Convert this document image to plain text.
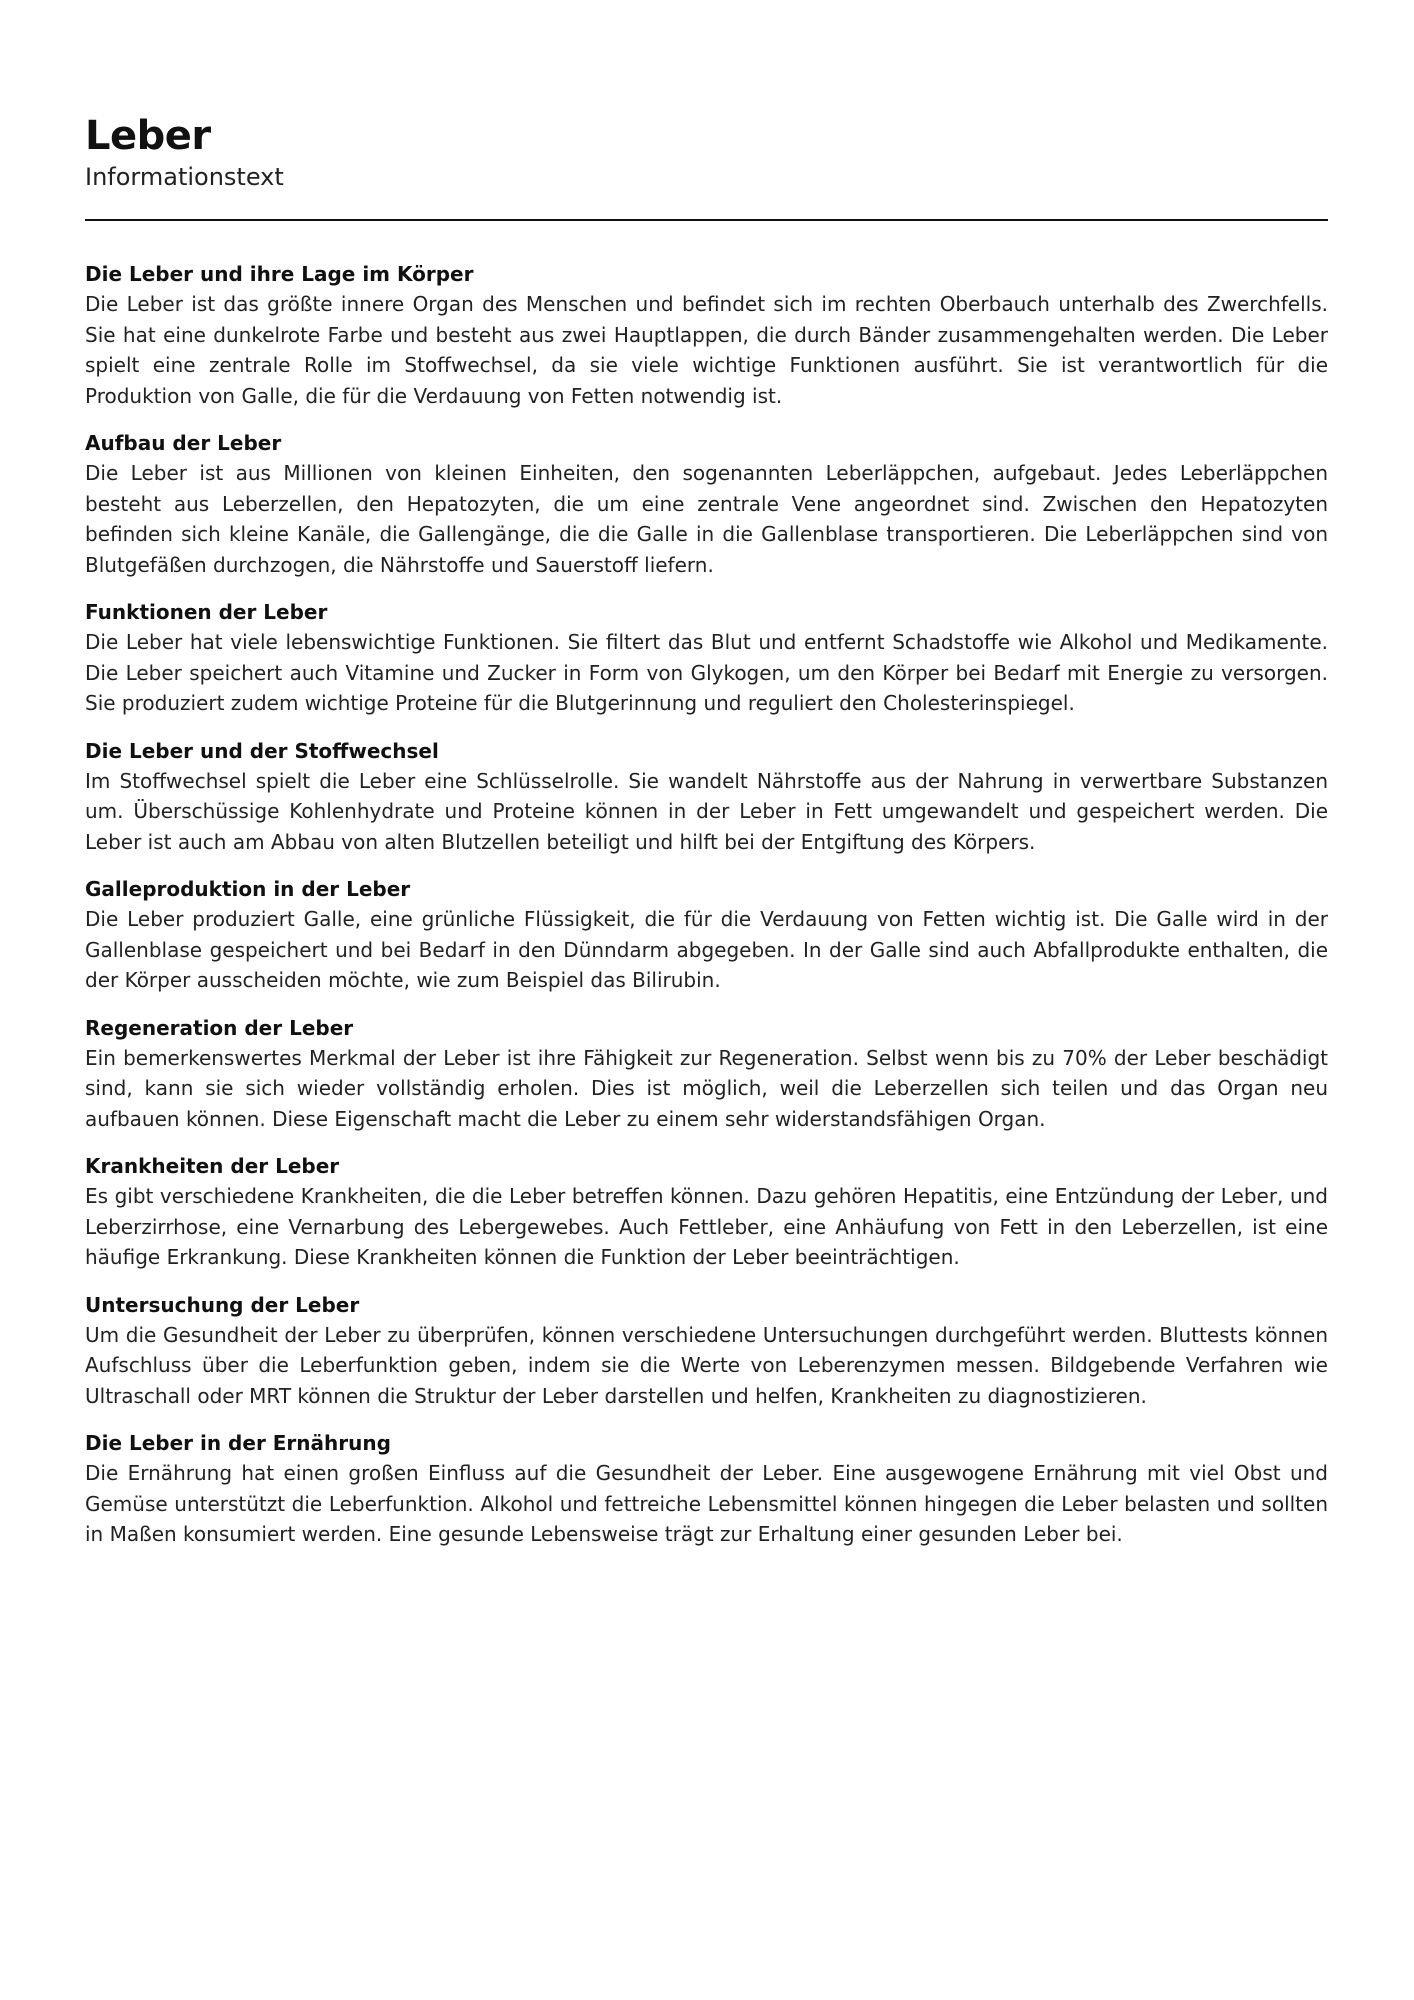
Leber

Informationstext

Die Leber und ihre Lage im Körper

Die Leber ist das größte innere Organ des Menschen und befindet sich im rechten Oberbauch unterhalb des Zwerchfells. Sie hat eine dunkelrote Farbe und besteht aus zwei Hauptlappen, die durch Bänder zusammengehalten werden. Die Leber spielt eine zentrale Rolle im Stoffwechsel, da sie viele wichtige Funktionen ausführt. Sie ist verantwortlich für die Produktion von Galle, die für die Verdauung von Fetten notwendig ist.

Aufbau der Leber

Die Leber ist aus Millionen von kleinen Einheiten, den sogenannten Leberläppchen, aufgebaut. Jedes Leberläppchen besteht aus Leberzellen, den Hepatozyten, die um eine zentrale Vene angeordnet sind. Zwischen den Hepatozyten befinden sich kleine Kanäle, die Gallengänge, die die Galle in die Gallenblase transportieren. Die Leberläppchen sind von Blutgefäßen durchzogen, die Nährstoffe und Sauerstoff liefern.

Funktionen der Leber

Die Leber hat viele lebenswichtige Funktionen. Sie filtert das Blut und entfernt Schadstoffe wie Alkohol und Medikamente. Die Leber speichert auch Vitamine und Zucker in Form von Glykogen, um den Körper bei Bedarf mit Energie zu versorgen. Sie produziert zudem wichtige Proteine für die Blutgerinnung und reguliert den Cholesterinspiegel.

Die Leber und der Stoffwechsel

Im Stoffwechsel spielt die Leber eine Schlüsselrolle. Sie wandelt Nährstoffe aus der Nahrung in verwertbare Substanzen um. Überschüssige Kohlenhydrate und Proteine können in der Leber in Fett umgewandelt und gespeichert werden. Die Leber ist auch am Abbau von alten Blutzellen beteiligt und hilft bei der Entgiftung des Körpers.

Galleproduktion in der Leber

Die Leber produziert Galle, eine grünliche Flüssigkeit, die für die Verdauung von Fetten wichtig ist. Die Galle wird in der Gallenblase gespeichert und bei Bedarf in den Dünndarm abgegeben. In der Galle sind auch Abfallprodukte enthalten, die der Körper ausscheiden möchte, wie zum Beispiel das Bilirubin.

Regeneration der Leber

Ein bemerkenswertes Merkmal der Leber ist ihre Fähigkeit zur Regeneration. Selbst wenn bis zu 70% der Leber beschädigt sind, kann sie sich wieder vollständig erholen. Dies ist möglich, weil die Leberzellen sich teilen und das Organ neu aufbauen können. Diese Eigenschaft macht die Leber zu einem sehr widerstandsfähigen Organ.

Krankheiten der Leber

Es gibt verschiedene Krankheiten, die die Leber betreffen können. Dazu gehören Hepatitis, eine Entzündung der Leber, und Leberzirrhose, eine Vernarbung des Lebergewebes. Auch Fettleber, eine Anhäufung von Fett in den Leberzellen, ist eine häufige Erkrankung. Diese Krankheiten können die Funktion der Leber beeinträchtigen.

Untersuchung der Leber

Um die Gesundheit der Leber zu überprüfen, können verschiedene Untersuchungen durchgeführt werden. Bluttests können Aufschluss über die Leberfunktion geben, indem sie die Werte von Leberenzymen messen. Bildgebende Verfahren wie Ultraschall oder MRT können die Struktur der Leber darstellen und helfen, Krankheiten zu diagnostizieren.

Die Leber in der Ernährung

Die Ernährung hat einen großen Einfluss auf die Gesundheit der Leber. Eine ausgewogene Ernährung mit viel Obst und Gemüse unterstützt die Leberfunktion. Alkohol und fettreiche Lebensmittel können hingegen die Leber belasten und sollten in Maßen konsumiert werden. Eine gesunde Lebensweise trägt zur Erhaltung einer gesunden Leber bei.
